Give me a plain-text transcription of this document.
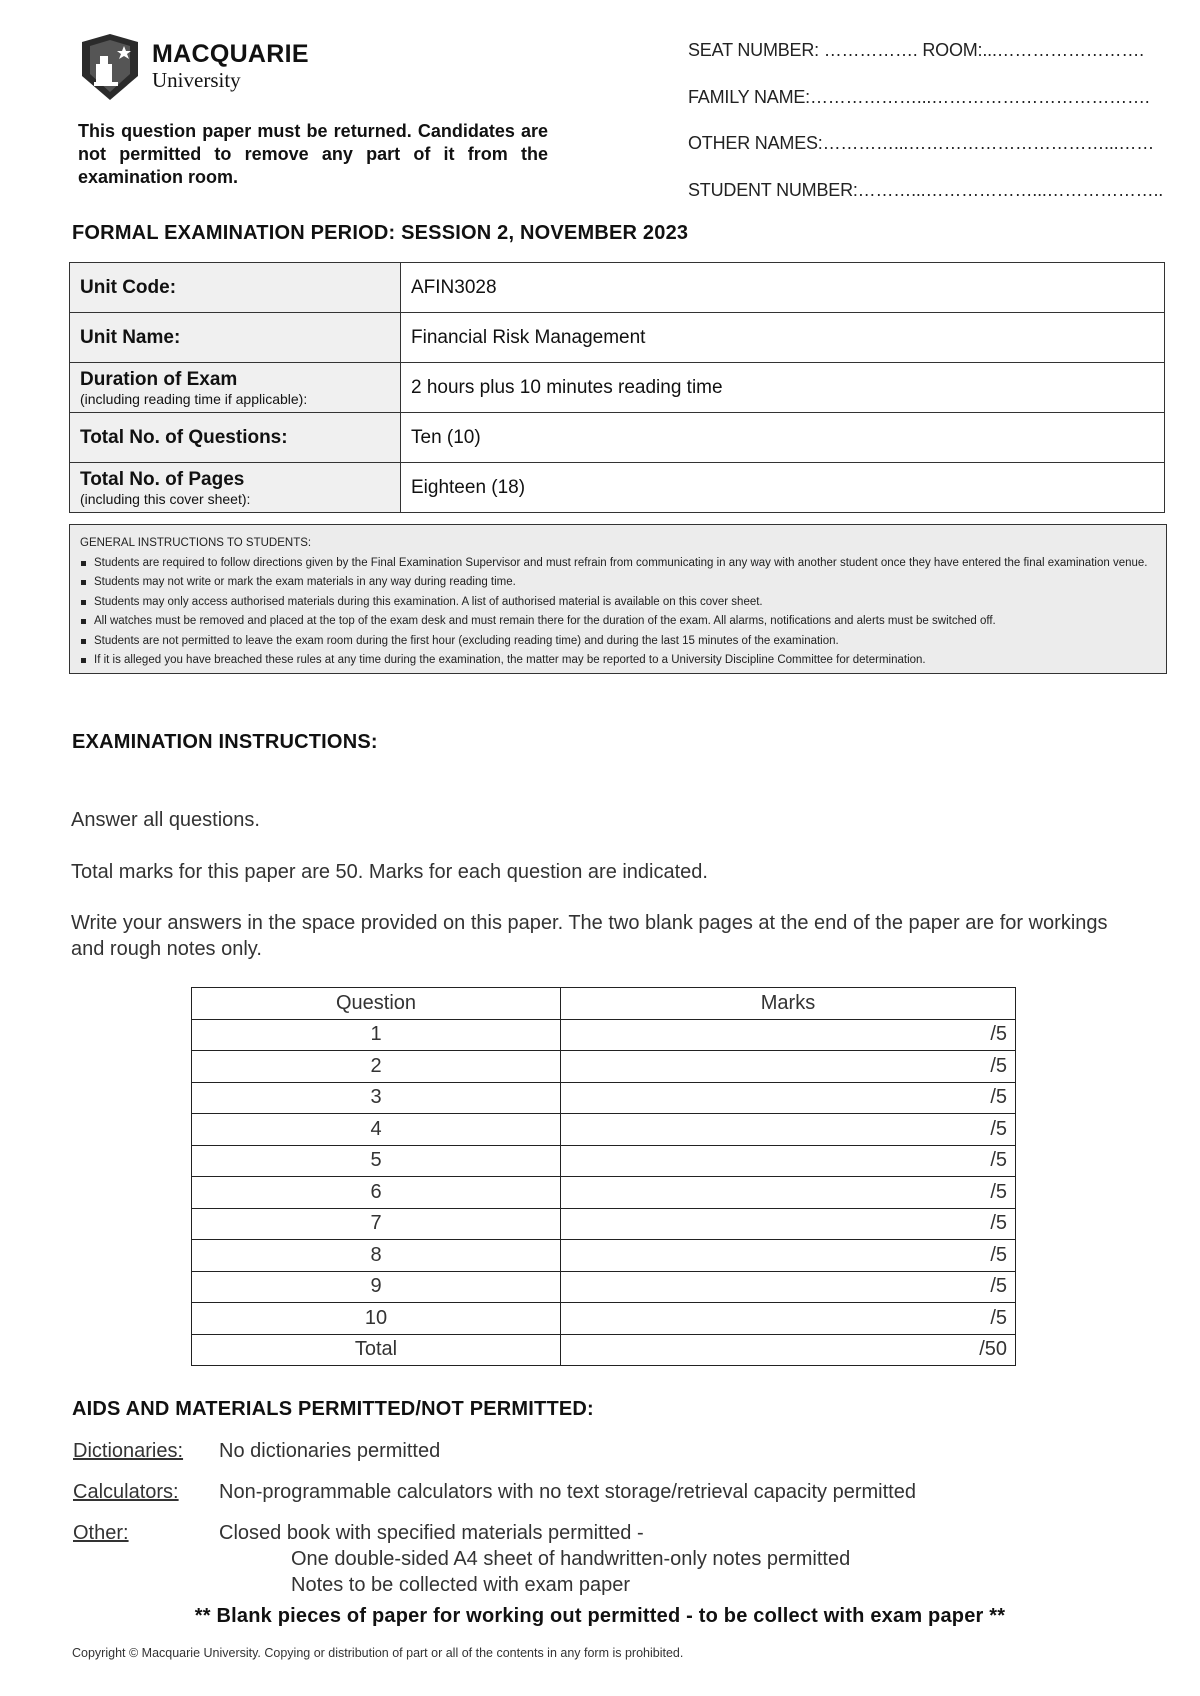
MACQUARIE
University
This question paper must be returned. Candidates are not permitted to remove any part of it from the examination room.
SEAT NUMBER: ……………. ROOM:...…………………….
FAMILY NAME:………………...……………………………….
OTHER NAMES:…………...……………………………...……
STUDENT NUMBER:………...………………...………………..
FORMAL EXAMINATION PERIOD: SESSION 2, NOVEMBER 2023
Unit Code:	AFIN3028
Unit Name:	Financial Risk Management
Duration of Exam
(including reading time if applicable):	2 hours plus 10 minutes reading time
Total No. of Questions:	Ten (10)
Total No. of Pages
(including this cover sheet):	Eighteen (18)
GENERAL INSTRUCTIONS TO STUDENTS:
Students are required to follow directions given by the Final Examination Supervisor and must refrain from communicating in any way with another student once they have entered the final examination venue.
Students may not write or mark the exam materials in any way during reading time.
Students may only access authorised materials during this examination. A list of authorised material is available on this cover sheet.
All watches must be removed and placed at the top of the exam desk and must remain there for the duration of the exam. All alarms, notifications and alerts must be switched off.
Students are not permitted to leave the exam room during the first hour (excluding reading time) and during the last 15 minutes of the examination.
If it is alleged you have breached these rules at any time during the examination, the matter may be reported to a University Discipline Committee for determination.
EXAMINATION INSTRUCTIONS:
Answer all questions.
Total marks for this paper are 50. Marks for each question are indicated.
Write your answers in the space provided on this paper. The two blank pages at the end of the paper are for workings and rough notes only.
Question	Marks
1	/5
2	/5
3	/5
4	/5
5	/5
6	/5
7	/5
8	/5
9	/5
10	/5
Total	/50
AIDS AND MATERIALS PERMITTED/NOT PERMITTED:
Dictionaries: No dictionaries permitted
Calculators: Non-programmable calculators with no text storage/retrieval capacity permitted
Other:	Closed book with specified materials permitted -
One double-sided A4 sheet of handwritten-only notes permitted
Notes to be collected with exam paper
** Blank pieces of paper for working out permitted - to be collect with exam paper **
Copyright © Macquarie University. Copying or distribution of part or all of the contents in any form is prohibited.
